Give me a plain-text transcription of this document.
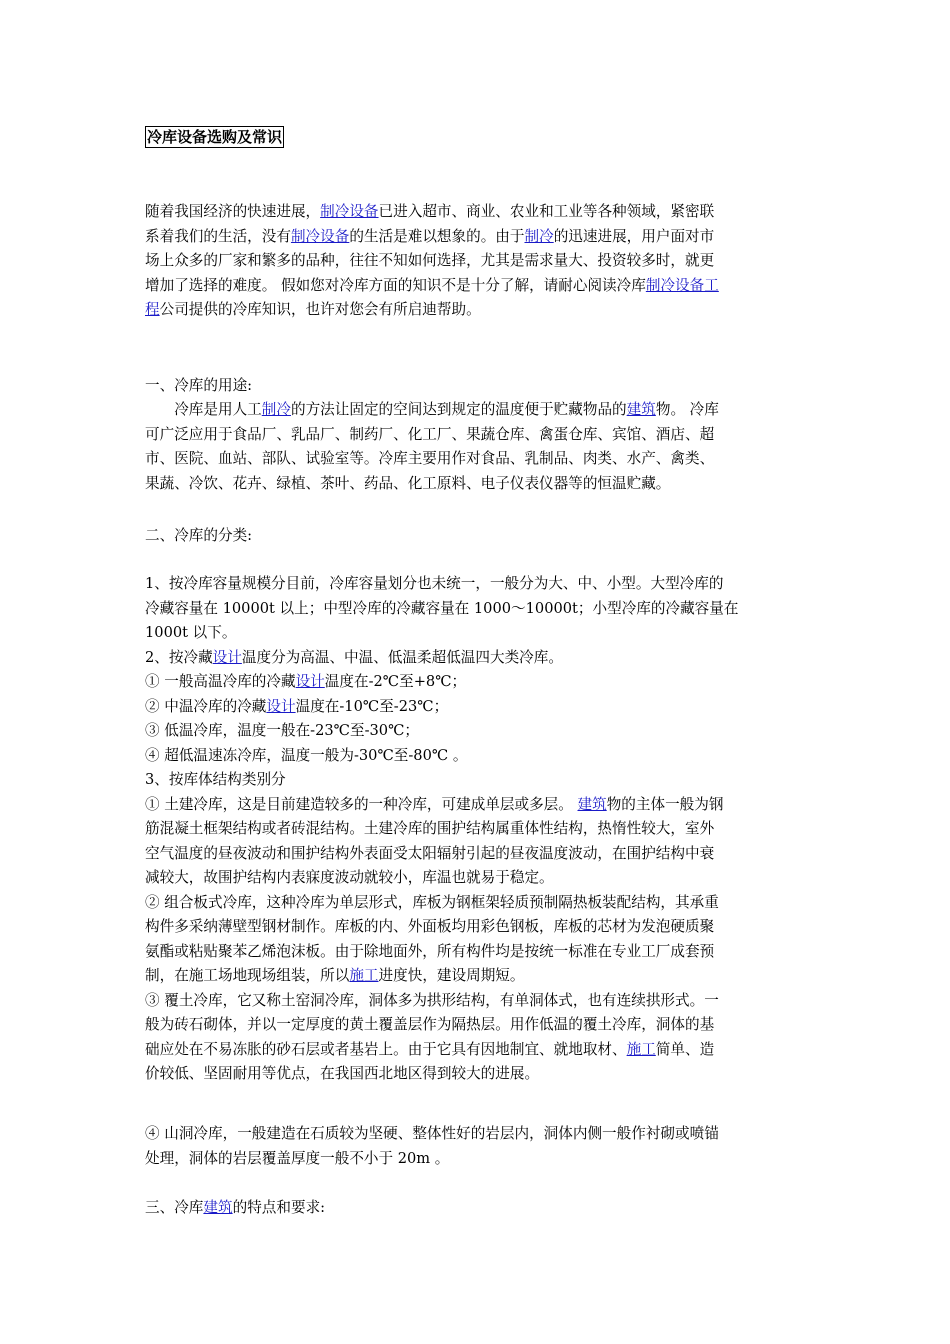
冷库设备选购及常识
随着我国经济的快速进展，制冷设备已进入超市、商业、农业和工业等各种领域，紧密联
系着我们的生活，没有制冷设备的生活是难以想象的。由于制冷的迅速进展，用户面对市
场上众多的厂家和繁多的品种，往往不知如何选择，尤其是需求量大、投资较多时，就更
增加了选择的难度。 假如您对冷库方面的知识不是十分了解，请耐心阅读冷库制冷设备工
程公司提供的冷库知识，也许对您会有所启迪帮助。
一、冷库的用途:
　　冷库是用人工制冷的方法让固定的空间达到规定的温度便于贮藏物品的建筑物。 冷库
可广泛应用于食品厂、乳品厂、制药厂、化工厂、果蔬仓库、禽蛋仓库、宾馆、酒店、超
市、医院、血站、部队、试验室等。冷库主要用作对食品、乳制品、肉类、水产、禽类、
果蔬、冷饮、花卉、绿植、茶叶、药品、化工原料、电子仪表仪器等的恒温贮藏。
二、冷库的分类:
1、按冷库容量规模分目前，冷库容量划分也未统一，一般分为大、中、小型。大型冷库的
冷藏容量在 10000t 以上；中型冷库的冷藏容量在 1000～10000t；小型冷库的冷藏容量在
1000t 以下。
2、按冷藏设计温度分为高温、中温、低温柔超低温四大类冷库。
① 一般高温冷库的冷藏设计温度在-2℃至+8℃；
② 中温冷库的冷藏设计温度在-10℃至-23℃；
③ 低温冷库，温度一般在-23℃至-30℃；
④ 超低温速冻冷库，温度一般为-30℃至-80℃ 。
3、按库体结构类别分
① 土建冷库，这是目前建造较多的一种冷库，可建成单层或多层。 建筑物的主体一般为钢
筋混凝土框架结构或者砖混结构。土建冷库的围护结构属重体性结构，热惰性较大，室外
空气温度的昼夜波动和围护结构外表面受太阳辐射引起的昼夜温度波动，在围护结构中衰
减较大，故围护结构内表寐度波动就较小，库温也就易于稳定。
② 组合板式冷库，这种冷库为单层形式，库板为钢框架轻质预制隔热板装配结构，其承重
构件多采纳薄壁型钢材制作。库板的内、外面板均用彩色钢板，库板的芯材为发泡硬质聚
氨酯或粘贴聚苯乙烯泡沫板。由于除地面外，所有构件均是按统一标准在专业工厂成套预
制，在施工场地现场组装，所以施工进度快，建设周期短。
③ 覆土冷库，它又称土窑洞冷库，洞体多为拱形结构，有单洞体式，也有连续拱形式。一
般为砖石砌体，并以一定厚度的黄土覆盖层作为隔热层。用作低温的覆土冷库，洞体的基
础应处在不易冻胀的砂石层或者基岩上。由于它具有因地制宜、就地取材、施工简单、造
价较低、坚固耐用等优点，在我国西北地区得到较大的进展。
④ 山洞冷库，一般建造在石质较为坚硬、整体性好的岩层内，洞体内侧一般作衬砌或喷锚
处理，洞体的岩层覆盖厚度一般不小于 20m 。
三、冷库建筑的特点和要求:
